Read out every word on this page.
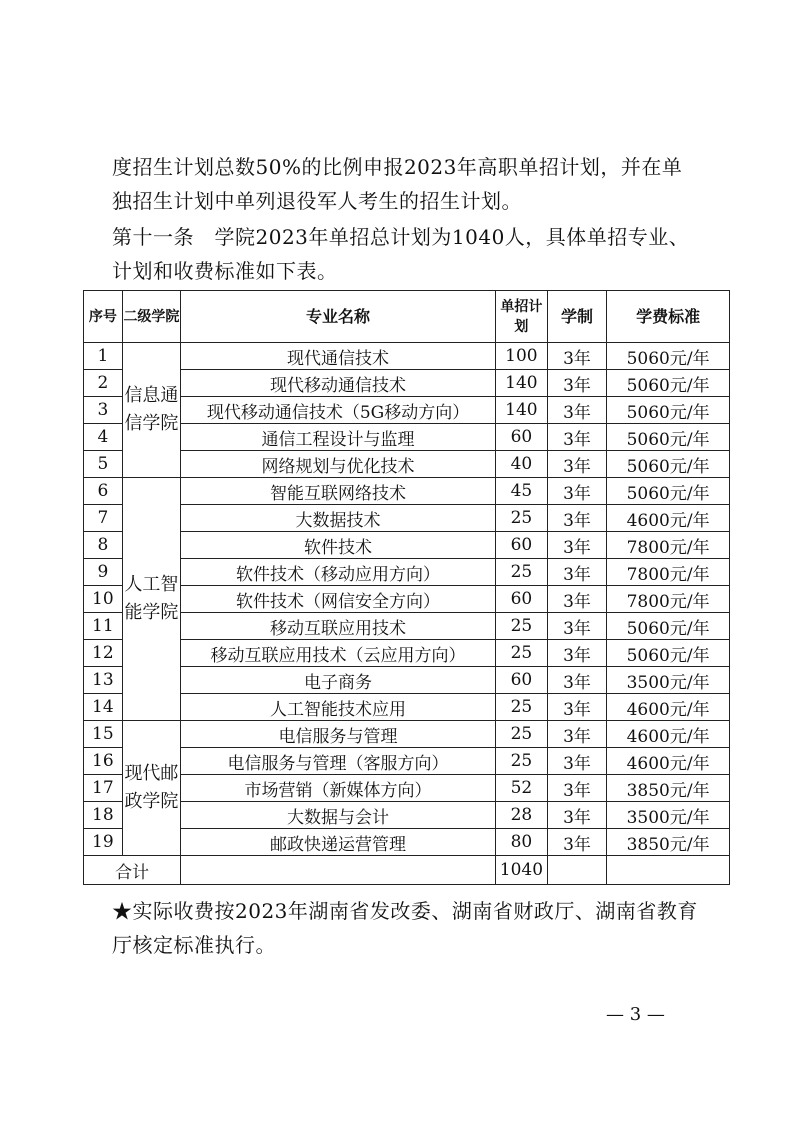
度招生计划总数50%的比例申报2023年高职单招计划，并在单独招生计划中单列退役军人考生的招生计划。
第十一条　学院2023年单招总计划为1040人，具体单招专业、计划和收费标准如下表。
序号	二级学院	专业名称	单招计划	学制	学费标准
1	信息通信学院	现代通信技术	100	3年	5060元/年
2		现代移动通信技术	140	3年	5060元/年
3		现代移动通信技术（5G移动方向）	140	3年	5060元/年
4		通信工程设计与监理	60	3年	5060元/年
5		网络规划与优化技术	40	3年	5060元/年
6	人工智能学院	智能互联网络技术	45	3年	5060元/年
7		大数据技术	25	3年	4600元/年
8		软件技术	60	3年	7800元/年
9		软件技术（移动应用方向）	25	3年	7800元/年
10		软件技术（网信安全方向）	60	3年	7800元/年
11		移动互联应用技术	25	3年	5060元/年
12		移动互联应用技术（云应用方向）	25	3年	5060元/年
13		电子商务	60	3年	3500元/年
14		人工智能技术应用	25	3年	4600元/年
15	现代邮政学院	电信服务与管理	25	3年	4600元/年
16		电信服务与管理（客服方向）	25	3年	4600元/年
17		市场营销（新媒体方向）	52	3年	3850元/年
18		大数据与会计	28	3年	3500元/年
19		邮政快递运营管理	80	3年	3850元/年
合计			1040		
★实际收费按2023年湖南省发改委、湖南省财政厅、湖南省教育厅核定标准执行。
— 3 —
